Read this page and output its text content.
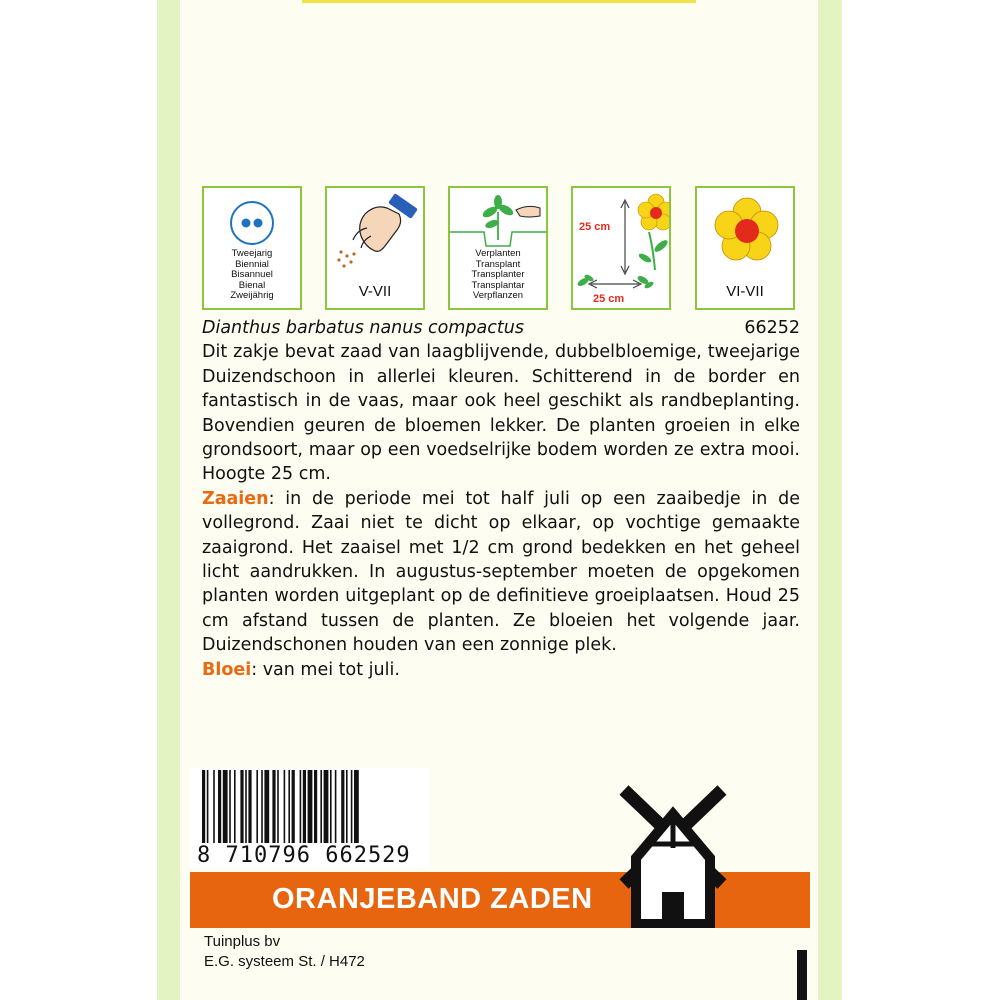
Tweejarig
Biennial
Bisannuel
Bienal
Zweijährig	V-VII
Verplanten
Transplant
Transplanter
Transplantar
Verpflanzen
25 cm
25 cm	VI-VII
Dianthus barbatus nanus compactus	66252
Dit zakje bevat zaad van laagblijvende, dubbelbloemige, tweejarige Duizendschoon in allerlei kleuren. Schitterend in de border en fantastisch in de vaas, maar ook heel geschikt als randbeplanting. Bovendien geuren de bloemen lekker. De planten groeien in elke grondsoort, maar op een voedselrijke bodem worden ze extra mooi. Hoogte 25 cm.
Zaaien: in de periode mei tot half juli op een zaaibedje in de vollegrond. Zaai niet te dicht op elkaar, op vochtige gemaakte zaaigrond. Het zaaisel met 1/2 cm grond bedekken en het geheel licht aandrukken. In augustus-september moeten de opgekomen planten worden uitgeplant op de definitieve groeiplaatsen. Houd 25 cm afstand tussen de planten. Ze bloeien het volgende jaar. Duizendschonen houden van een zonnige plek.
Bloei: van mei tot juli.
8 710796 662529
ORANJEBAND ZADEN
Tuinplus bv
E.G. systeem St. / H472
